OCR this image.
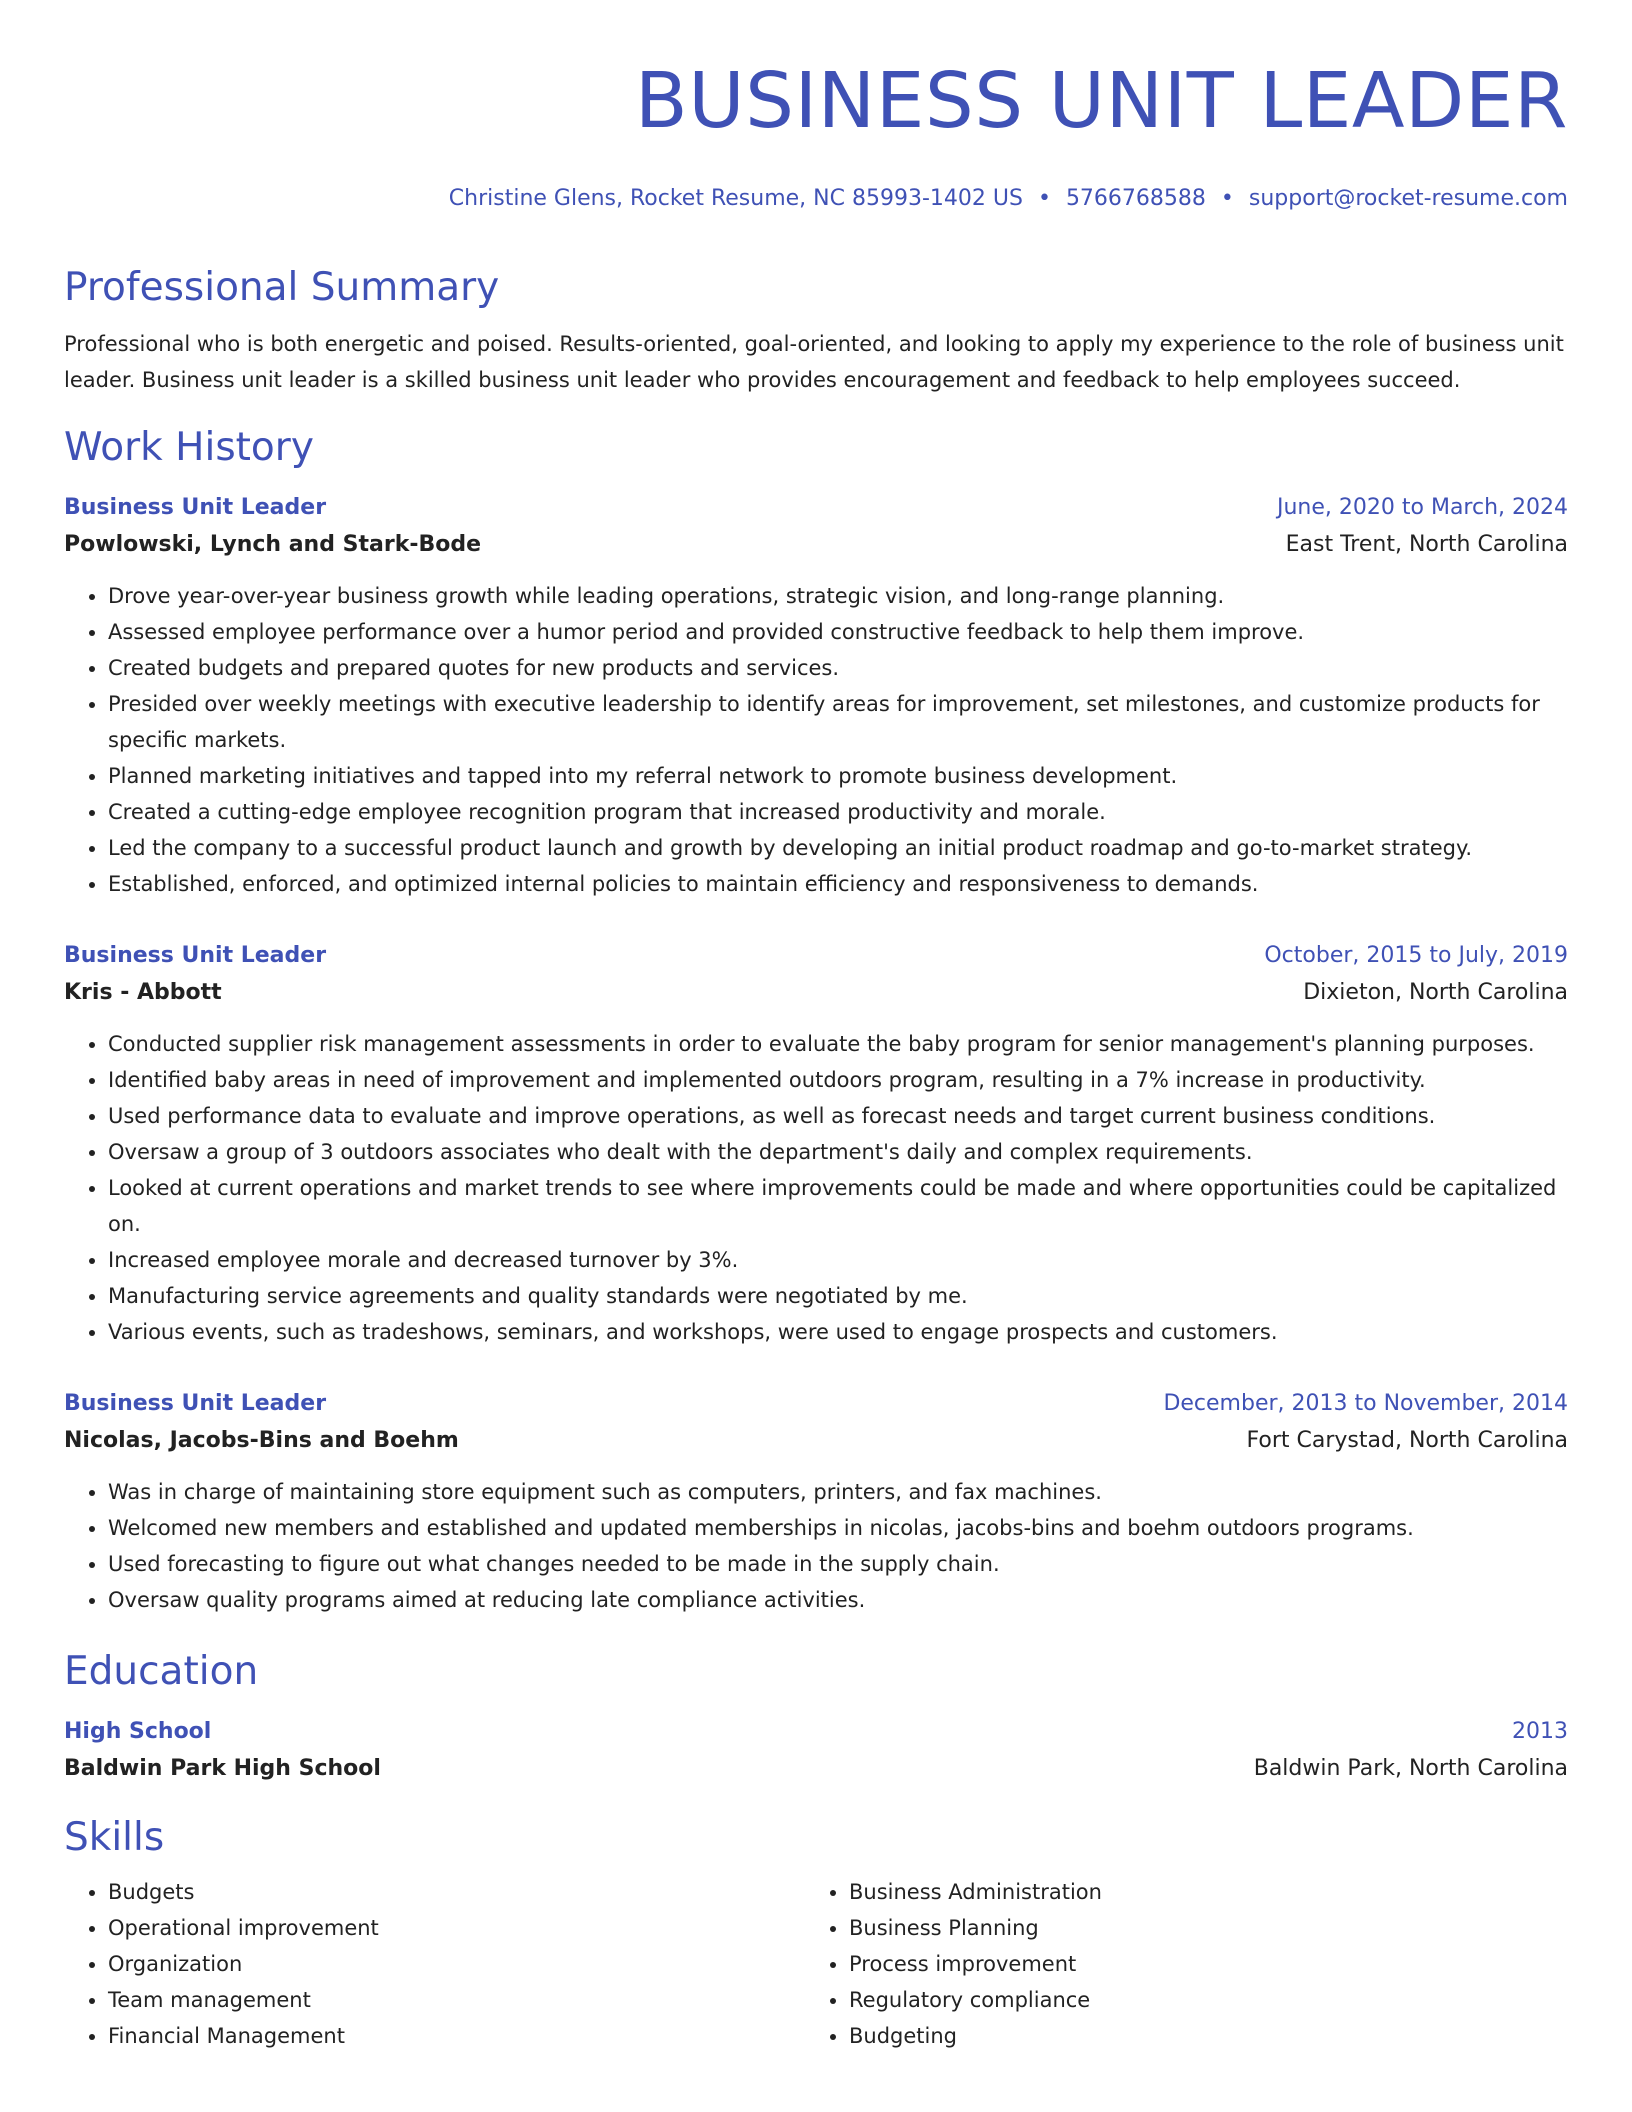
BUSINESS UNIT LEADER
Christine Glens, Rocket Resume, NC 85993-1402 US • 5766768588 • support@rocket-resume.com
Professional Summary
Professional who is both energetic and poised. Results-oriented, goal-oriented, and looking to apply my experience to the role of business unit leader. Business unit leader is a skilled business unit leader who provides encouragement and feedback to help employees succeed.
Work History
Business Unit Leader	June, 2020 to March, 2024
Powlowski, Lynch and Stark-Bode	East Trent, North Carolina
• Drove year-over-year business growth while leading operations, strategic vision, and long-range planning.
• Assessed employee performance over a humor period and provided constructive feedback to help them improve.
• Created budgets and prepared quotes for new products and services.
• Presided over weekly meetings with executive leadership to identify areas for improvement, set milestones, and customize products for specific markets.
• Planned marketing initiatives and tapped into my referral network to promote business development.
• Created a cutting-edge employee recognition program that increased productivity and morale.
• Led the company to a successful product launch and growth by developing an initial product roadmap and go-to-market strategy.
• Established, enforced, and optimized internal policies to maintain efficiency and responsiveness to demands.
Business Unit Leader	October, 2015 to July, 2019
Kris - Abbott	Dixieton, North Carolina
• Conducted supplier risk management assessments in order to evaluate the baby program for senior management's planning purposes.
• Identified baby areas in need of improvement and implemented outdoors program, resulting in a 7% increase in productivity.
• Used performance data to evaluate and improve operations, as well as forecast needs and target current business conditions.
• Oversaw a group of 3 outdoors associates who dealt with the department's daily and complex requirements.
• Looked at current operations and market trends to see where improvements could be made and where opportunities could be capitalized on.
• Increased employee morale and decreased turnover by 3%.
• Manufacturing service agreements and quality standards were negotiated by me.
• Various events, such as tradeshows, seminars, and workshops, were used to engage prospects and customers.
Business Unit Leader	December, 2013 to November, 2014
Nicolas, Jacobs-Bins and Boehm	Fort Carystad, North Carolina
• Was in charge of maintaining store equipment such as computers, printers, and fax machines.
• Welcomed new members and established and updated memberships in nicolas, jacobs-bins and boehm outdoors programs.
• Used forecasting to figure out what changes needed to be made in the supply chain.
• Oversaw quality programs aimed at reducing late compliance activities.
Education
High School	2013
Baldwin Park High School	Baldwin Park, North Carolina
Skills
• Budgets
• Operational improvement
• Organization
• Team management
• Financial Management
• Business Administration
• Business Planning
• Process improvement
• Regulatory compliance
• Budgeting
